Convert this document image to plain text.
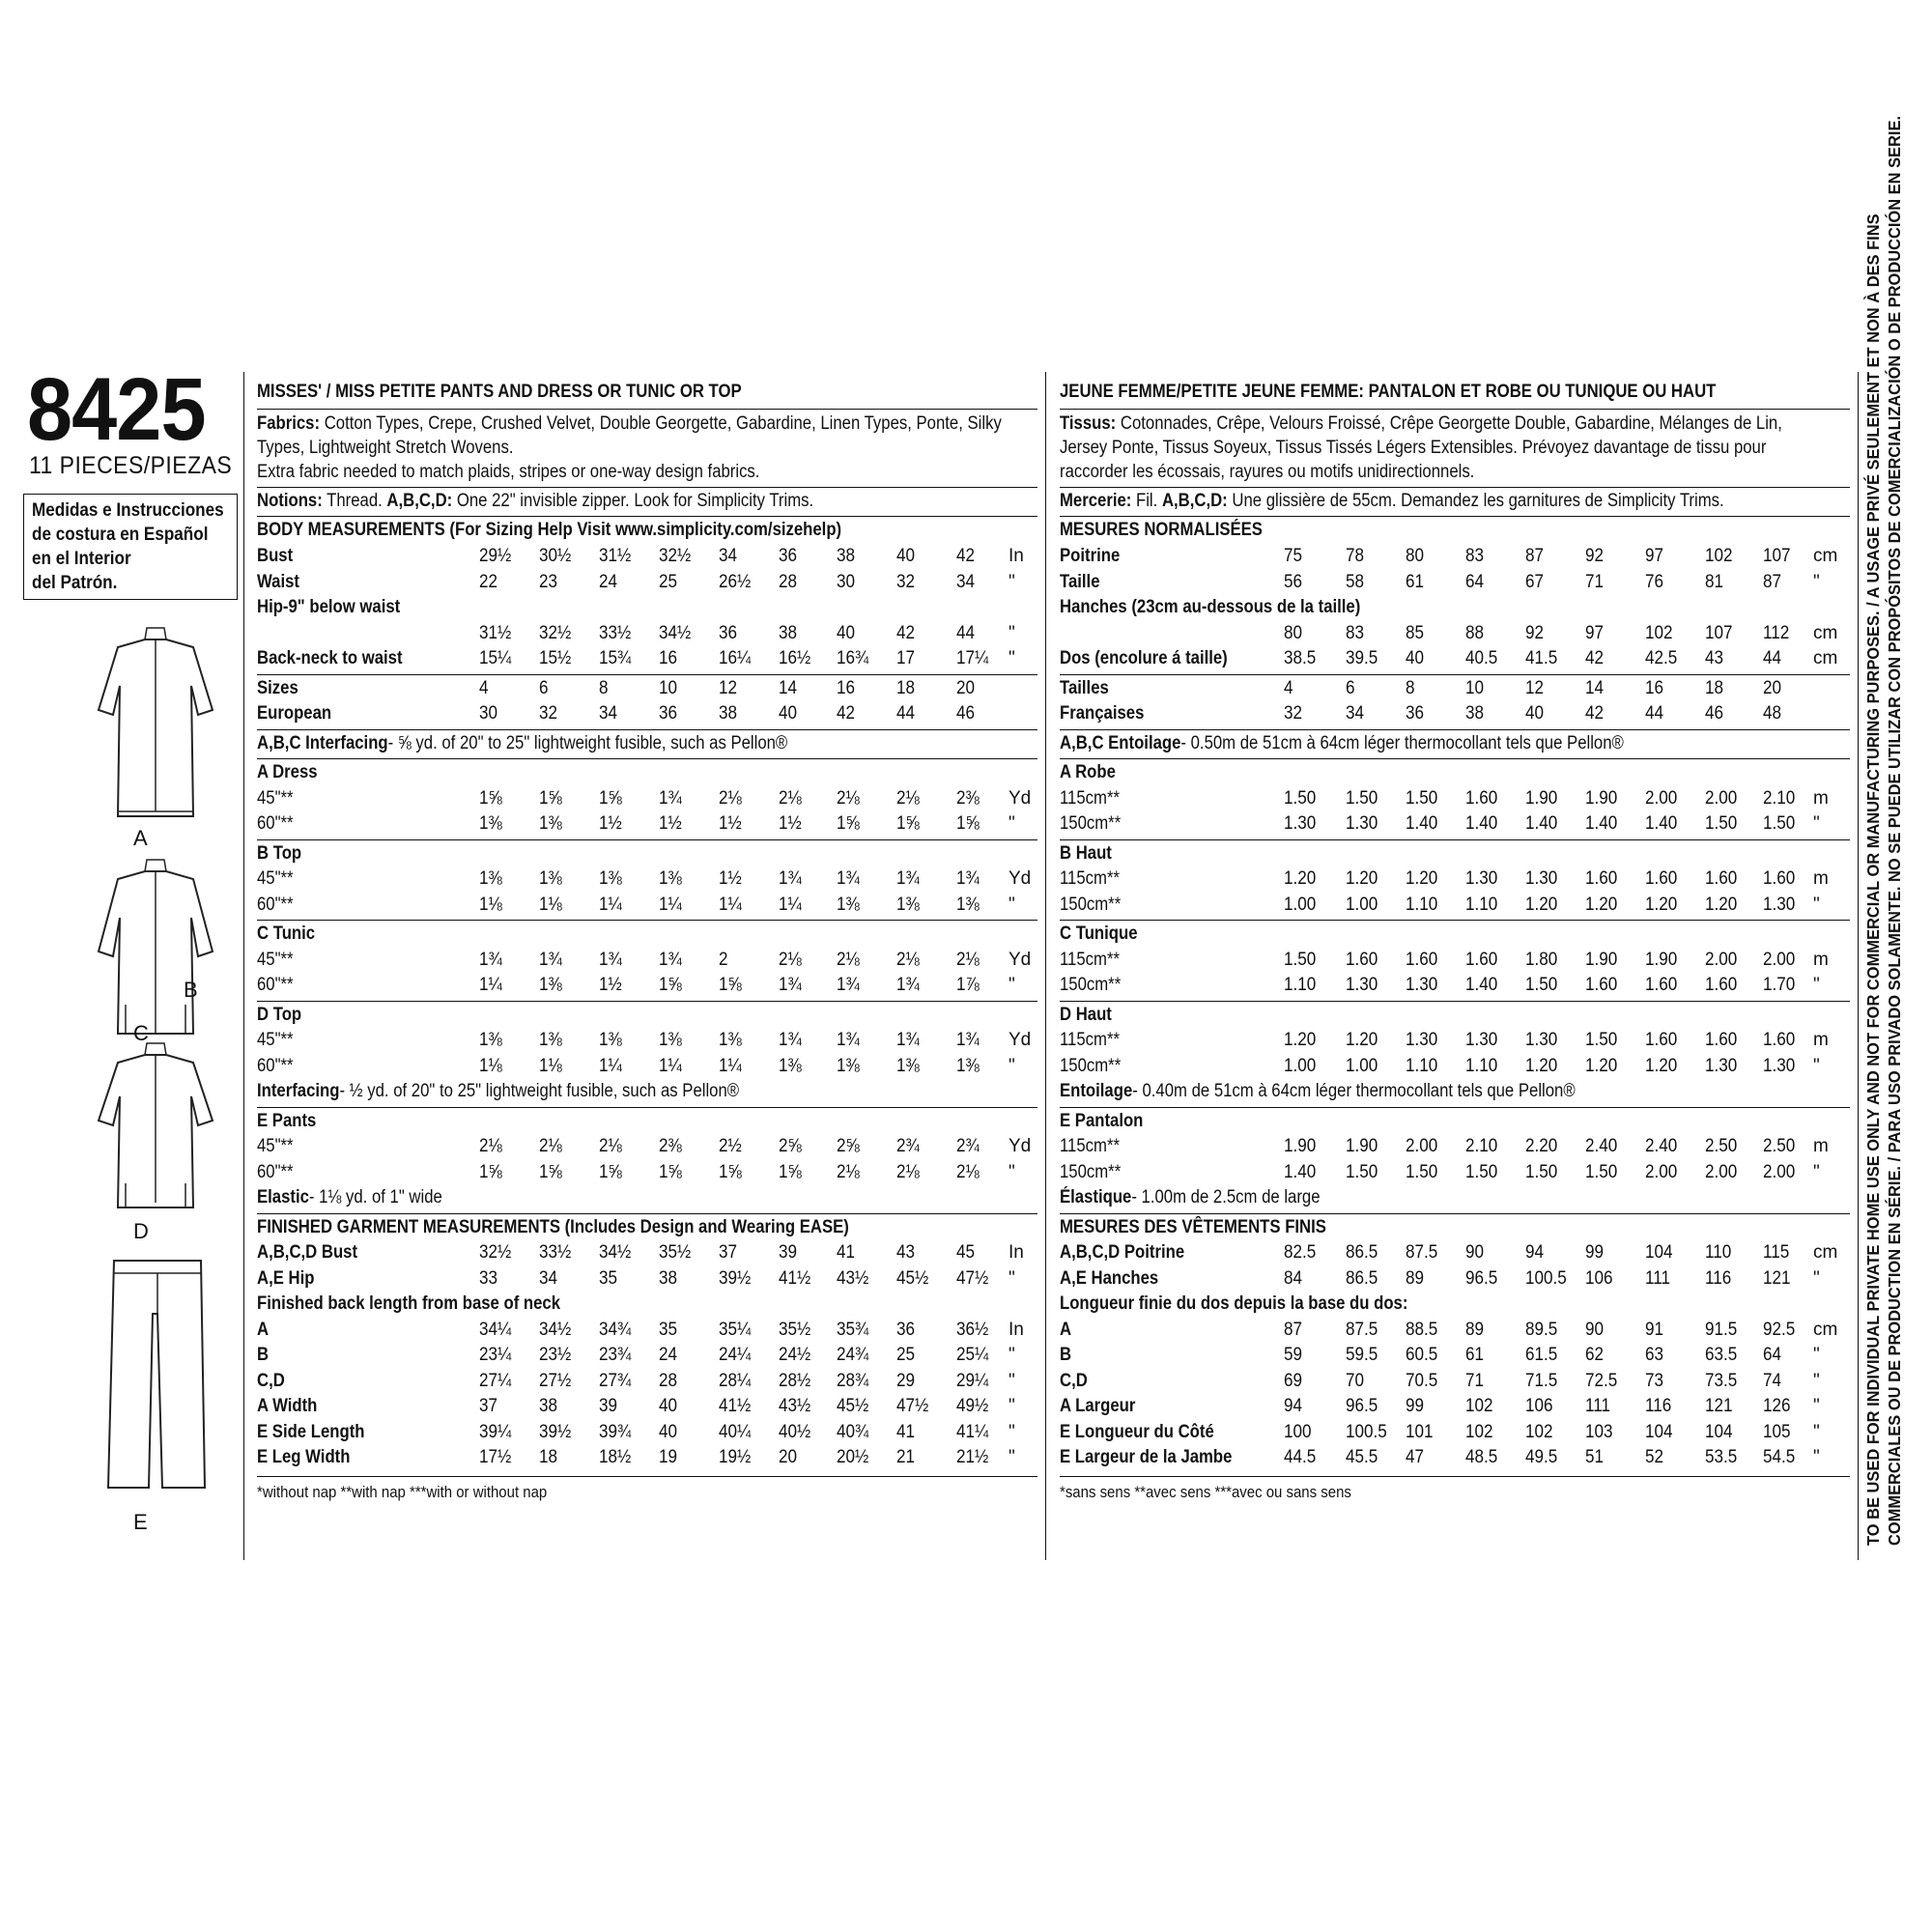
8425
11 PIECES/PIEZAS
Medidas e Instrucciones
de costura en Español
en el Interior
del Patrón.
A
B
C
D
E
MISSES' / MISS PETITE PANTS AND DRESS OR TUNIC OR TOP
Fabrics: Cotton Types, Crepe, Crushed Velvet, Double Georgette, Gabardine, Linen Types, Ponte, Silky
Types, Lightweight Stretch Wovens.
Extra fabric needed to match plaids, stripes or one-way design fabrics.
Notions: Thread. A,B,C,D: One 22" invisible zipper. Look for Simplicity Trims.
BODY MEASUREMENTS (For Sizing Help Visit www.simplicity.com/sizehelp)
Bust	29½ 30½ 31½ 32½ 34 36 38 40 42 In
Waist	22 23 24 25 26½ 28 30 32 34 "
Hip-9" below waist
31½ 32½ 33½ 34½ 36 38 40 42 44 "
Back-neck to waist	15¼ 15½ 15¾ 16 16¼ 16½ 16¾ 17 17¼ "
Sizes	4	6	8	10 12 14 16 18 20
European	30 32 34 36 38 40 42 44 46
A,B,C Interfacing- ⅝ yd. of 20" to 25" lightweight fusible, such as Pellon®
A Dress
45"**	1⅝ 1⅝ 1⅝ 1¾ 2⅛ 2⅛ 2⅛ 2⅛ 2⅜ Yd
60"**	1⅜ 1⅜ 1½ 1½ 1½ 1½ 1⅝ 1⅝ 1⅝ "
B Top
45"**	1⅜ 1⅜ 1⅜ 1⅜ 1½ 1¾ 1¾ 1¾ 1¾ Yd
60"**	1⅛ 1⅛ 1¼ 1¼ 1¼ 1¼ 1⅜ 1⅜ 1⅜ "
C Tunic
45"**	1¾ 1¾ 1¾ 1¾ 2	2⅛ 2⅛ 2⅛ 2⅛ Yd
60"**	1¼ 1⅜ 1½ 1⅝ 1⅝ 1¾ 1¾ 1¾ 1⅞ "
D Top
45"**	1⅜ 1⅜ 1⅜ 1⅜ 1⅜ 1¾ 1¾ 1¾ 1¾ Yd
60"**	1⅛ 1⅛ 1¼ 1¼ 1¼ 1⅜ 1⅜ 1⅜ 1⅜ "
Interfacing- ½ yd. of 20" to 25" lightweight fusible, such as Pellon®
E Pants
45"**	2⅛ 2⅛ 2⅛ 2⅜ 2½ 2⅝ 2⅝ 2¾ 2¾ Yd
60"**	1⅝ 1⅝ 1⅝ 1⅝ 1⅝ 1⅝ 2⅛ 2⅛ 2⅛ "
Elastic- 1⅛ yd. of 1" wide
FINISHED GARMENT MEASUREMENTS (Includes Design and Wearing EASE)
A,B,C,D Bust	32½ 33½ 34½ 35½ 37 39 41 43 45 In
A,E Hip	33 34 35 38 39½ 41½ 43½ 45½ 47½ "
Finished back length from base of neck
A	34¼ 34½ 34¾ 35 35¼ 35½ 35¾ 36 36½ In
B	23¼ 23½ 23¾ 24 24¼ 24½ 24¾ 25 25¼ "
C,D	27¼ 27½ 27¾ 28 28¼ 28½ 28¾ 29 29¼ "
A Width	37 38 39 40 41½ 43½ 45½ 47½ 49½ "
E Side Length	39¼ 39½ 39¾ 40 40¼ 40½ 40¾ 41 41¼ "
E Leg Width	17½ 18 18½ 19 19½ 20 20½ 21 21½ "
*without nap **with nap ***with or without nap
JEUNE FEMME/PETITE JEUNE FEMME: PANTALON ET ROBE OU TUNIQUE OU HAUT
Tissus: Cotonnades, Crêpe, Velours Froissé, Crêpe Georgette Double, Gabardine, Mélanges de Lin,
Jersey Ponte, Tissus Soyeux, Tissus Tissés Légers Extensibles. Prévoyez davantage de tissu pour
raccorder les écossais, rayures ou motifs unidirectionnels.
Mercerie: Fil. A,B,C,D: Une glissière de 55cm. Demandez les garnitures de Simplicity Trims.
MESURES NORMALISÉES
Poitrine	75 78 80 83 87 92 97 102 107 cm
Taille	56 58 61 64 67 71 76 81 87 "
Hanches (23cm au-dessous de la taille)
80 83 85 88 92 97 102 107 112 cm
Dos (encolure á taille)	38.5 39.5 40 40.5 41.5 42 42.5 43 44 cm
Tailles	4	6	8	10 12 14 16 18 20
Françaises	32 34 36 38 40 42 44 46 48
A,B,C Entoilage- 0.50m de 51cm à 64cm léger thermocollant tels que Pellon®
A Robe
115cm**	1.50 1.50 1.50 1.60 1.90 1.90 2.00 2.00 2.10 m
150cm**	1.30 1.30 1.40 1.40 1.40 1.40 1.40 1.50 1.50 "
B Haut
115cm**	1.20 1.20 1.20 1.30 1.30 1.60 1.60 1.60 1.60 m
150cm**	1.00 1.00 1.10 1.10 1.20 1.20 1.20 1.20 1.30 "
C Tunique
115cm**	1.50 1.60 1.60 1.60 1.80 1.90 1.90 2.00 2.00 m
150cm**	1.10 1.30 1.30 1.40 1.50 1.60 1.60 1.60 1.70 "
D Haut
115cm**	1.20 1.20 1.30 1.30 1.30 1.50 1.60 1.60 1.60 m
150cm**	1.00 1.00 1.10 1.10 1.20 1.20 1.20 1.30 1.30 "
Entoilage- 0.40m de 51cm à 64cm léger thermocollant tels que Pellon®
E Pantalon
115cm**	1.90 1.90 2.00 2.10 2.20 2.40 2.40 2.50 2.50 m
150cm**	1.40 1.50 1.50 1.50 1.50 1.50 2.00 2.00 2.00 "
Élastique- 1.00m de 2.5cm de large
MESURES DES VÊTEMENTS FINIS
A,B,C,D Poitrine	82.5 86.5 87.5 90 94 99 104 110 115 cm
A,E Hanches	84 86.5 89 96.5 100.5 106 111 116 121 "
Longueur finie du dos depuis la base du dos:
A	87 87.5 88.5 89 89.5 90 91 91.5 92.5 cm
B	59 59.5 60.5 61 61.5 62 63 63.5 64 "
C,D	69 70 70.5 71 71.5 72.5 73 73.5 74 "
A Largeur	94 96.5 99 102 106 111 116 121 126 "
E Longueur du Côté	100 100.5 101 102 102 103 104 104 105 "
E Largeur de la Jambe	44.5 45.5 47 48.5 49.5 51 52 53.5 54.5 "
*sans sens **avec sens ***avec ou sans sens	TO BE USED FOR INDIVIDUAL PRIVATE HOME USE ONLY AND NOT FOR COMMERCIAL OR MANUFACTURING PURPOSES. / A USAGE PRIVÉ SEULEMENT ET NON À DES FINS COMMERCIALES OU DE PRODUCTION EN SÉRIE. / PARA USO PRIVADO SOLAMENTE. NO SE PUEDE UTILIZAR CON PROPÓSITOS DE COMERCIALIZACIÓN O DE PRODUCCIÓN EN SERIE.
